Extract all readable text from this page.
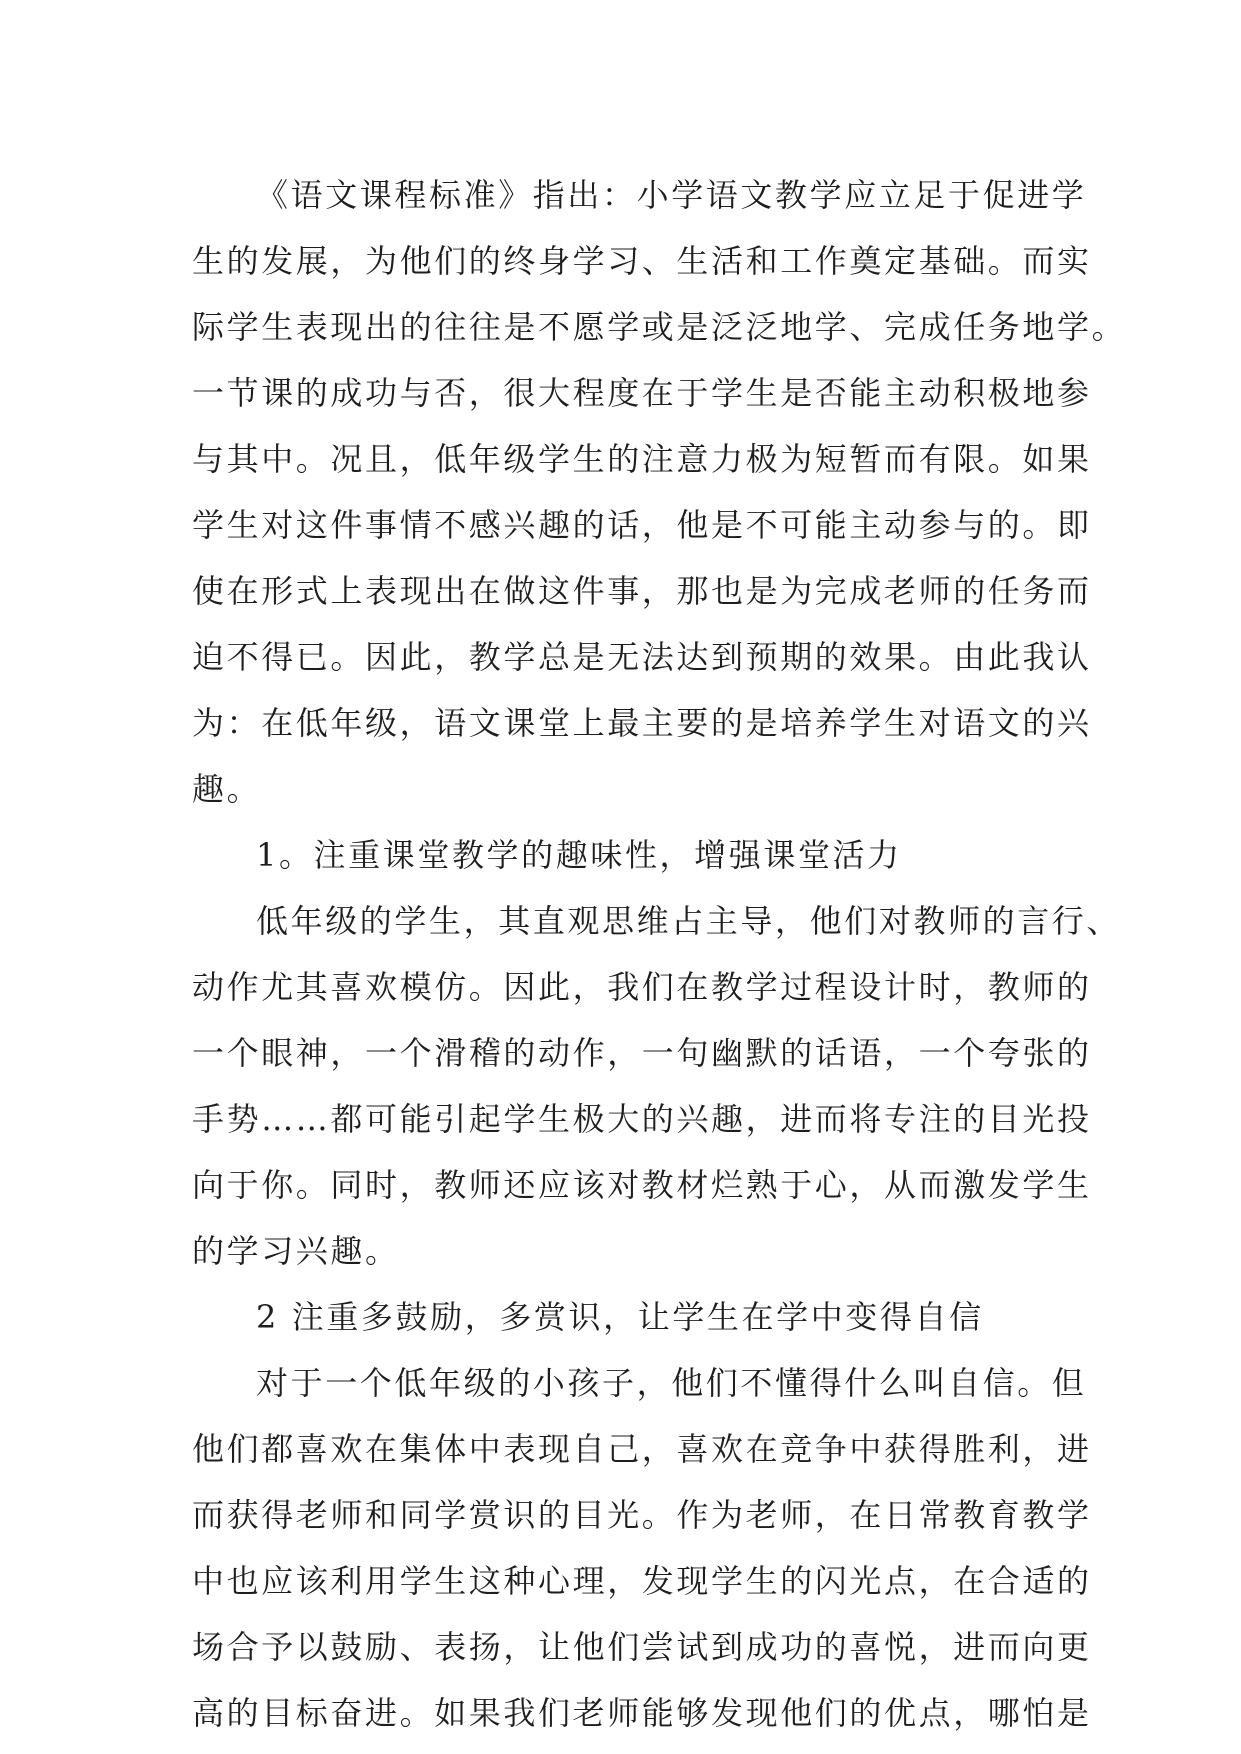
《语文课程标准》指出：小学语文教学应立足于促进学
生的发展，为他们的终身学习、生活和工作奠定基础。而实
际学生表现出的往往是不愿学或是泛泛地学、完成任务地学。
一节课的成功与否，很大程度在于学生是否能主动积极地参
与其中。况且，低年级学生的注意力极为短暂而有限。如果
学生对这件事情不感兴趣的话，他是不可能主动参与的。即
使在形式上表现出在做这件事，那也是为完成老师的任务而
迫不得已。因此，教学总是无法达到预期的效果。由此我认
为：在低年级，语文课堂上最主要的是培养学生对语文的兴
趣。
1。注重课堂教学的趣味性，增强课堂活力
低年级的学生，其直观思维占主导，他们对教师的言行、
动作尤其喜欢模仿。因此，我们在教学过程设计时，教师的
一个眼神，一个滑稽的动作，一句幽默的话语，一个夸张的
手势……都可能引起学生极大的兴趣，进而将专注的目光投
向于你。同时，教师还应该对教材烂熟于心，从而激发学生
的学习兴趣。
2 注重多鼓励，多赏识，让学生在学中变得自信
对于一个低年级的小孩子，他们不懂得什么叫自信。但
他们都喜欢在集体中表现自己，喜欢在竞争中获得胜利，进
而获得老师和同学赏识的目光。作为老师，在日常教育教学
中也应该利用学生这种心理，发现学生的闪光点，在合适的
场合予以鼓励、表扬，让他们尝试到成功的喜悦，进而向更
高的目标奋进。如果我们老师能够发现他们的优点，哪怕是
